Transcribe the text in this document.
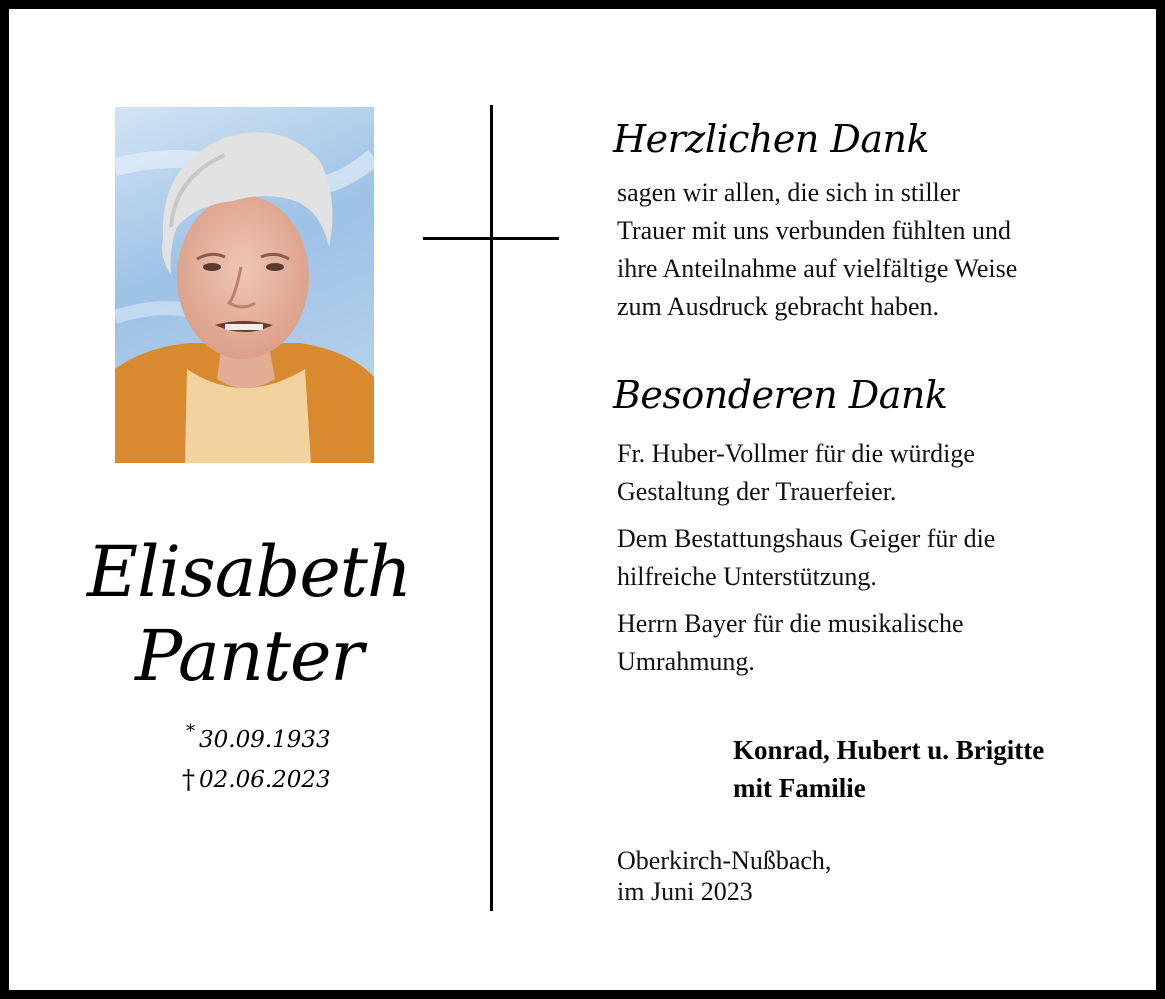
Elisabeth
Panter
* 30.09.1933
† 02.06.2023
Herzlichen Dank
sagen wir allen, die sich in stiller
Trauer mit uns verbunden fühlten und
ihre Anteilnahme auf vielfältige Weise
zum Ausdruck gebracht haben.
Besonderen Dank
Fr. Huber-Vollmer für die würdige
Gestaltung der Trauerfeier.
Dem Bestattungshaus Geiger für die
hilfreiche Unterstützung.
Herrn Bayer für die musikalische
Umrahmung.
Konrad, Hubert u. Brigitte
mit Familie
Oberkirch-Nußbach,
im Juni 2023
